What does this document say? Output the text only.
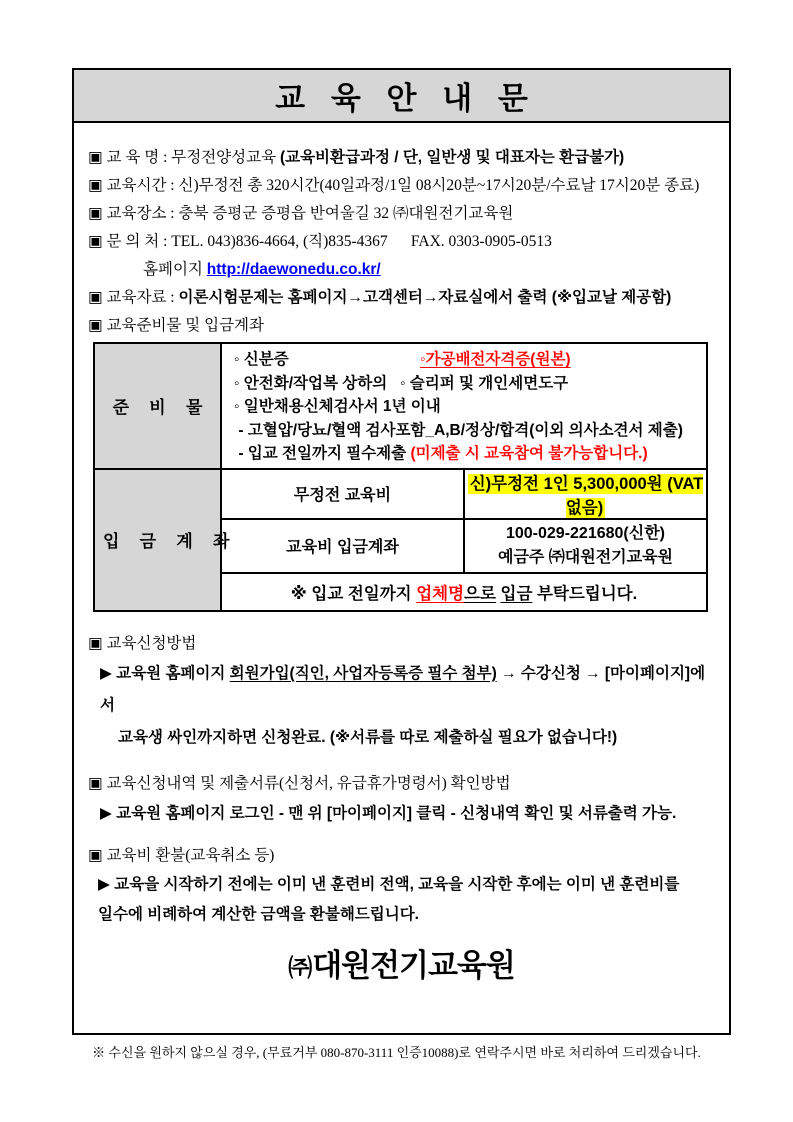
교 육 안 내 문

▣ 교 육 명 : 무정전양성교육 (교육비환급과정 / 단, 일반생 및 대표자는 환급불가)

▣ 교육시간 : 신)무정전 총 320시간(40일과정/1일 08시20분~17시20분/수료날 17시20분 종료)

▣ 교육장소 : 충북 증평군 증평읍 반여울길 32 ㈜대원전기교육원

▣ 문 의 처 : TEL. 043)836-4664, (직)835-4367      FAX. 0303-0905-0513

홈페이지 http://daewonedu.co.kr/

▣ 교육자료 : 이론시험문제는 홈페이지→고객센터→자료실에서 출력 (※입교날 제공함)

▣ 교육준비물 및 입금계좌

준 비 물	◦ 신분증 ◦가공배전자격증(원본)
◦ 안전화/작업복 상하의 ◦ 슬리퍼 및 개인세면도구
◦ 일반채용신체검사서 1년 이내
- 고혈압/당뇨/혈액 검사포함_A,B/정상/합격(이외 의사소견서 제출)
- 입교 전일까지 필수제출 (미제출 시 교육참여 불가능합니다.)	

입 금 계 좌	무정전 교육비	신)무정전 1인 5,300,000원 (VAT없음)
	교육비 입금계좌	100-029-221680(신한)
예금주 ㈜대원전기교육원

	※ 입교 전일까지 업체명으로 입금 부탁드립니다.	

▣ 교육신청방법

▶ 교육원 홈페이지 회원가입(직인, 사업자등록증 필수 첨부) → 수강신청 → [마이페이지]에서

교육생 싸인까지하면 신청완료. (※서류를 따로 제출하실 필요가 없습니다!)

▣ 교육신청내역 및 제출서류(신청서, 유급휴가명령서) 확인방법

▶ 교육원 홈페이지 로그인 - 맨 위 [마이페이지] 클릭 - 신청내역 확인 및 서류출력 가능.

▣ 교육비 환불(교육취소 등)

▶ 교육을 시작하기 전에는 이미 낸 훈련비 전액, 교육을 시작한 후에는 이미 낸 훈련비를

일수에 비례하여 계산한 금액을 환불해드립니다.

㈜대원전기교육원

※ 수신을 원하지 않으실 경우, (무료거부 080-870-3111 인증10088)로 연락주시면 바로 처리하여 드리겠습니다.
